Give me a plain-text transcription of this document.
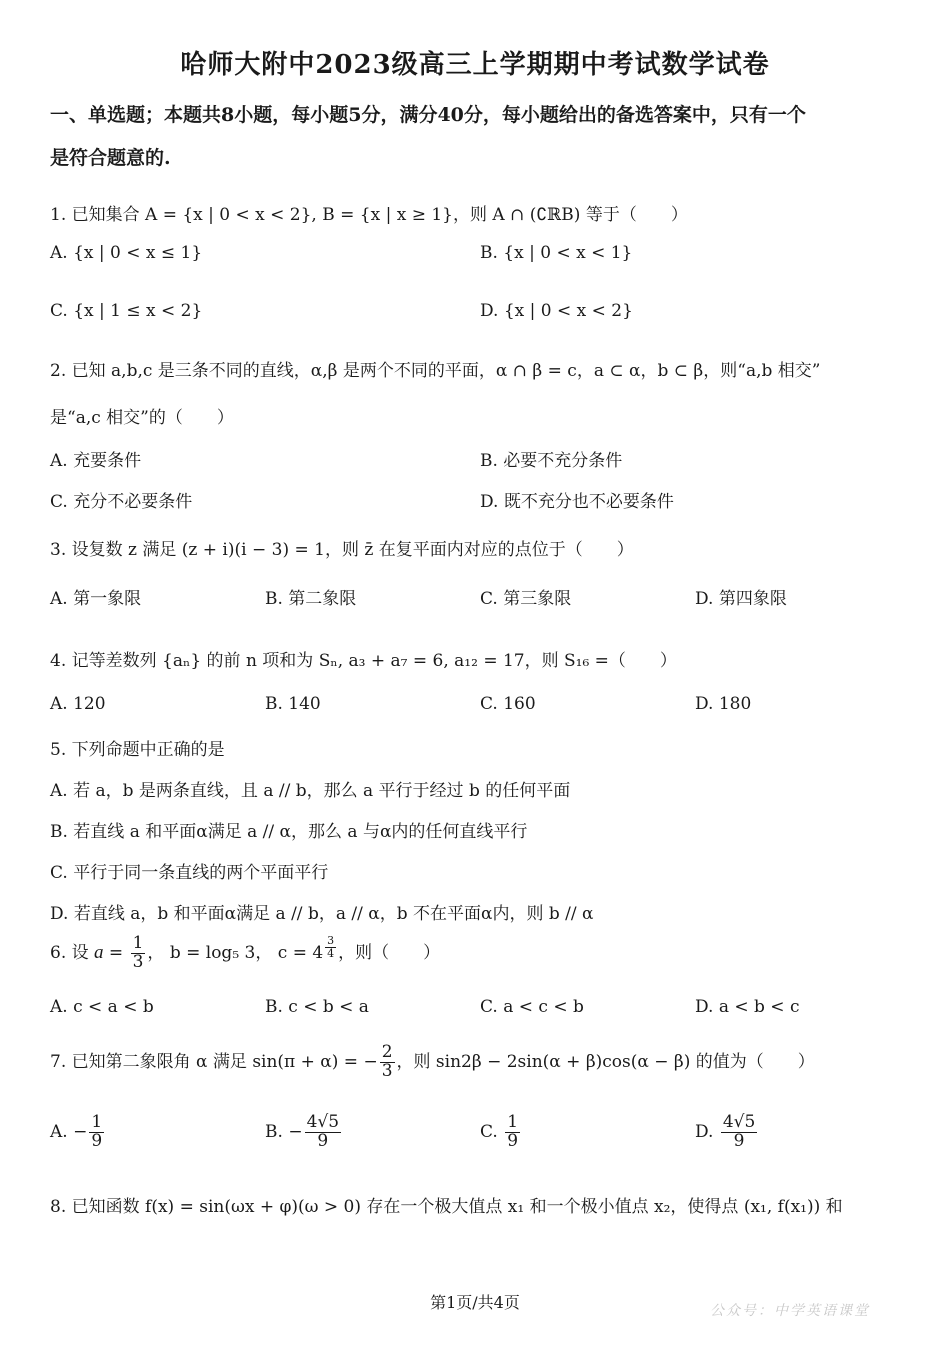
哈师大附中2023级高三上学期期中考试数学试卷
一、单选题；本题共8小题，每小题5分，满分40分，每小题给出的备选答案中，只有一个
是符合题意的.
1. 已知集合 A = {x | 0 < x < 2}, B = {x | x ≥ 1}，则 A ∩ (∁ℝB) 等于（　　）
A. {x | 0 < x ≤ 1}	B. {x | 0 < x < 1}
C. {x | 1 ≤ x < 2}	D. {x | 0 < x < 2}
2. 已知 a,b,c 是三条不同的直线，α,β 是两个不同的平面，α ∩ β = c，a ⊂ α，b ⊂ β，则“a,b 相交”
是“a,c 相交”的（　　）
A. 充要条件	B. 必要不充分条件
C. 充分不必要条件	D. 既不充分也不必要条件
3. 设复数 z 满足 (z + i)(i − 3) = 1，则 z̄ 在复平面内对应的点位于（　　）
A. 第一象限	B. 第二象限	C. 第三象限	D. 第四象限
4. 记等差数列 {aₙ} 的前 n 项和为 Sₙ, a₃ + a₇ = 6, a₁₂ = 17，则 S₁₆ =（　　）
A. 120	B. 140	C. 160	D. 180
5. 下列命题中正确的是
A. 若 a，b 是两条直线，且 a // b，那么 a 平行于经过 b 的任何平面
B. 若直线 a 和平面α满足 a // α，那么 a 与α内的任何直线平行
C. 平行于同一条直线的两个平面平行
D. 若直线 a，b 和平面α满足 a // b，a // α，b 不在平面α内，则 b // α
6. 设 $a = \frac{1}{3}$ ， b = log₅ 3， c = 4 $^{\frac{3}{4}}$ ，则（　　）
A. c < a < b	B. c < b < a	C. a < c < b	D. a < b < c
7. 已知第二象限角 α 满足 sin(π + α) = − $\frac{2}{3}$ ，则 sin2β − 2sin(α + β)cos(α − β) 的值为（　　）
A. − $\frac{1}{9}$	B. − $\frac{4√5}{9}$	C. $\frac{1}{9}$	D. $\frac{4√5}{9}$
8. 已知函数 f(x) = sin(ωx + φ)(ω > 0) 存在一个极大值点 x₁ 和一个极小值点 x₂，使得点 (x₁, f(x₁)) 和
第1页/共4页	公众号：中学英语课堂
